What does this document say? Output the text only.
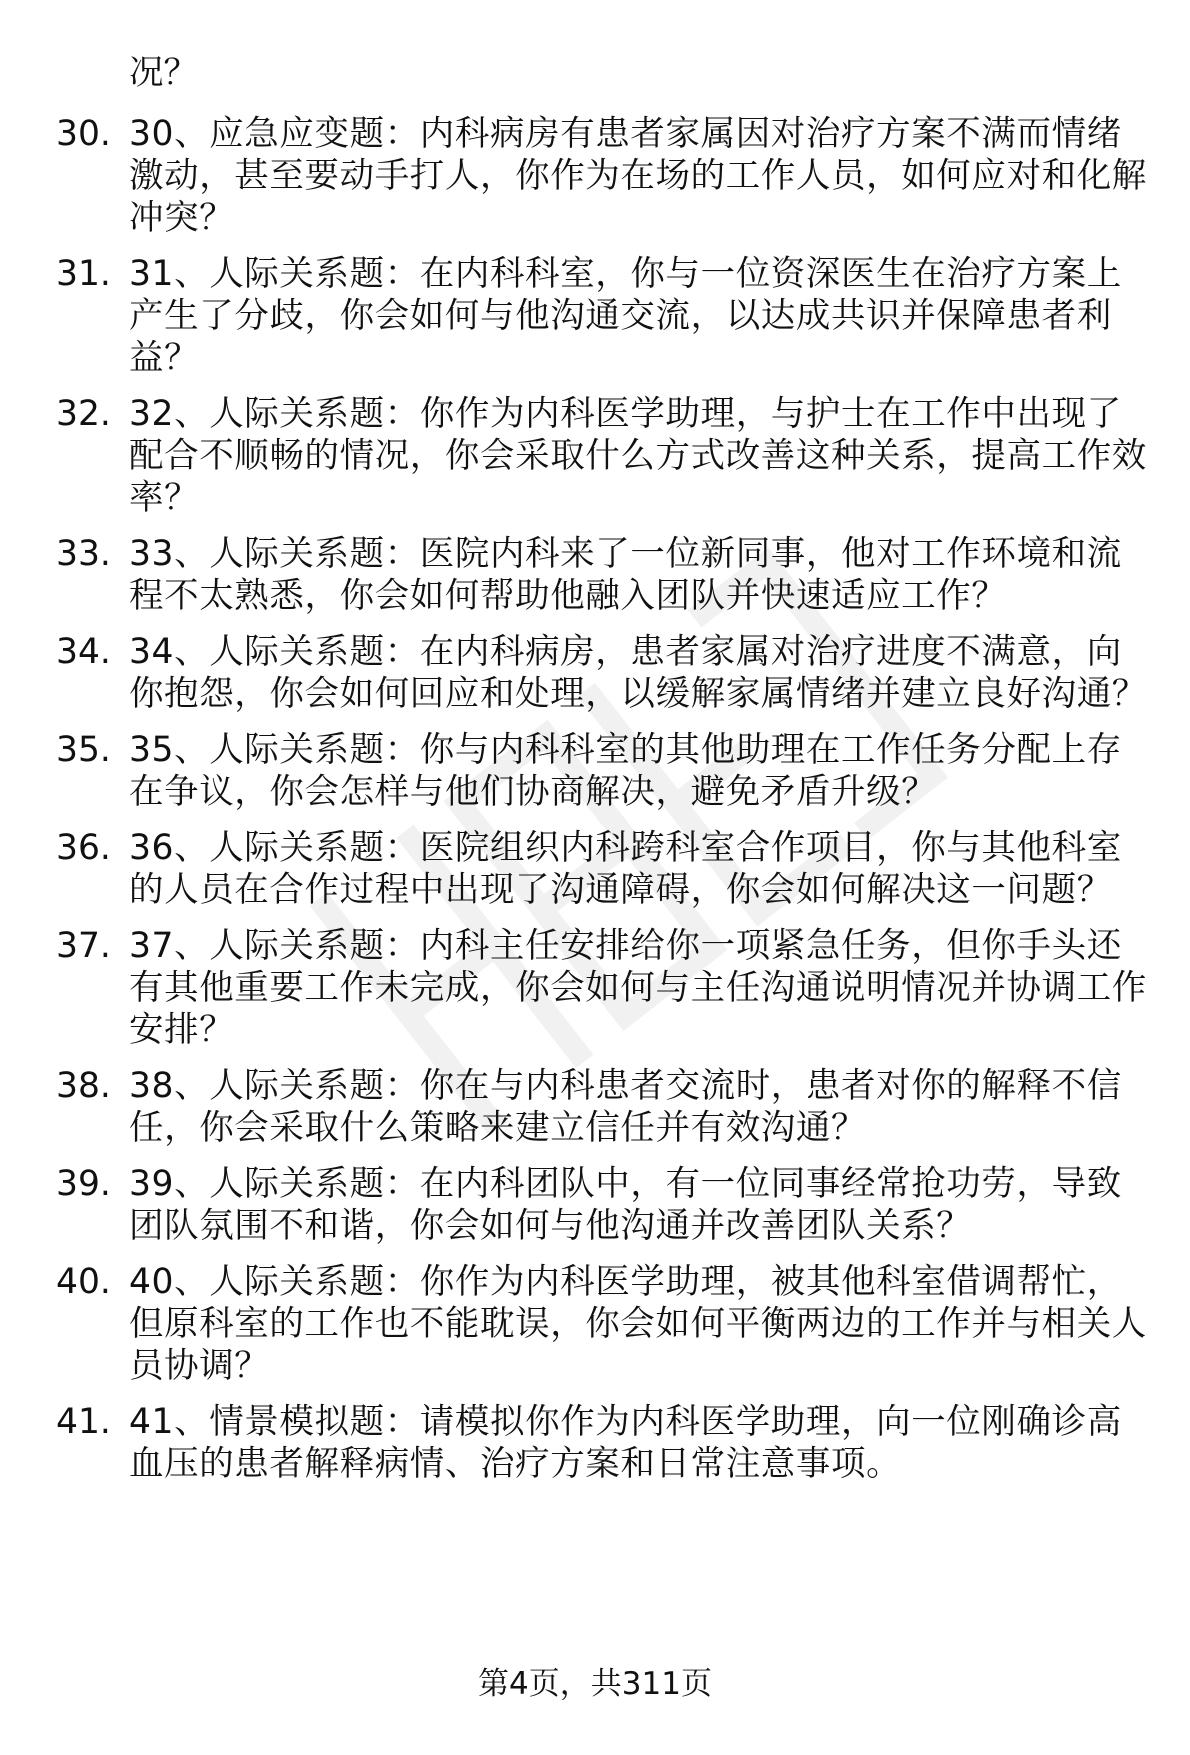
况？

30. 30、应急应变题：内科病房有患者家属因对治疗方案不满而情绪激动，甚至要动手打人，你作为在场的工作人员，如何应对和化解冲突？

31. 31、人际关系题：在内科科室，你与一位资深医生在治疗方案上产生了分歧，你会如何与他沟通交流，以达成共识并保障患者利益？

32. 32、人际关系题：你作为内科医学助理，与护士在工作中出现了配合不顺畅的情况，你会采取什么方式改善这种关系，提高工作效率？

33. 33、人际关系题：医院内科来了一位新同事，他对工作环境和流程不太熟悉，你会如何帮助他融入团队并快速适应工作？

34. 34、人际关系题：在内科病房，患者家属对治疗进度不满意，向你抱怨，你会如何回应和处理，以缓解家属情绪并建立良好沟通？

35. 35、人际关系题：你与内科科室的其他助理在工作任务分配上存在争议，你会怎样与他们协商解决，避免矛盾升级？

36. 36、人际关系题：医院组织内科跨科室合作项目，你与其他科室的人员在合作过程中出现了沟通障碍，你会如何解决这一问题？

37. 37、人际关系题：内科主任安排给你一项紧急任务，但你手头还有其他重要工作未完成，你会如何与主任沟通说明情况并协调工作安排？

38. 38、人际关系题：你在与内科患者交流时，患者对你的解释不信任，你会采取什么策略来建立信任并有效沟通？

39. 39、人际关系题：在内科团队中，有一位同事经常抢功劳，导致团队氛围不和谐，你会如何与他沟通并改善团队关系？

40. 40、人际关系题：你作为内科医学助理，被其他科室借调帮忙，但原科室的工作也不能耽误，你会如何平衡两边的工作并与相关人员协调？

41. 41、情景模拟题：请模拟你作为内科医学助理，向一位刚确诊高血压的患者解释病情、治疗方案和日常注意事项。

第4页，共311页
